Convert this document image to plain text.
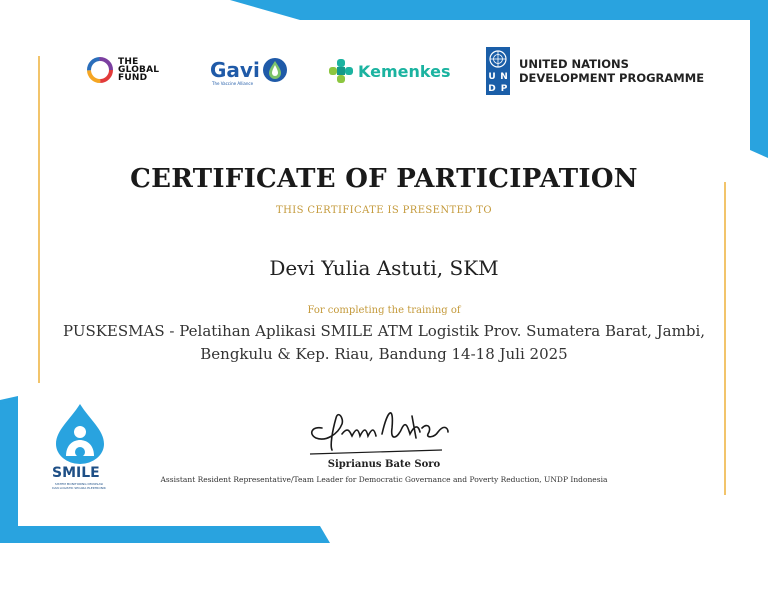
THE
GLOBAL
FUND	Gavi
The Vaccine Alliance
Kemenkes	U N
D P
UNITED NATIONS
DEVELOPMENT PROGRAMME
CERTIFICATE OF PARTICIPATION
THIS CERTIFICATE IS PRESENTED TO
Devi Yulia Astuti, SKM
For completing the training of
PUSKESMAS - Pelatihan Aplikasi SMILE ATM Logistik Prov. Sumatera Barat, Jambi, Bengkulu & Kep. Riau, Bandung 14-18 Juli 2025
Siprianus Bate Soro
Assistant Resident Representative/Team Leader for Democratic Governance and Poverty Reduction, UNDP Indonesia
SMILE
SISTEM MONITORING IMUNISASI DAN LOGISTIK SECARA ELEKTRONIK
